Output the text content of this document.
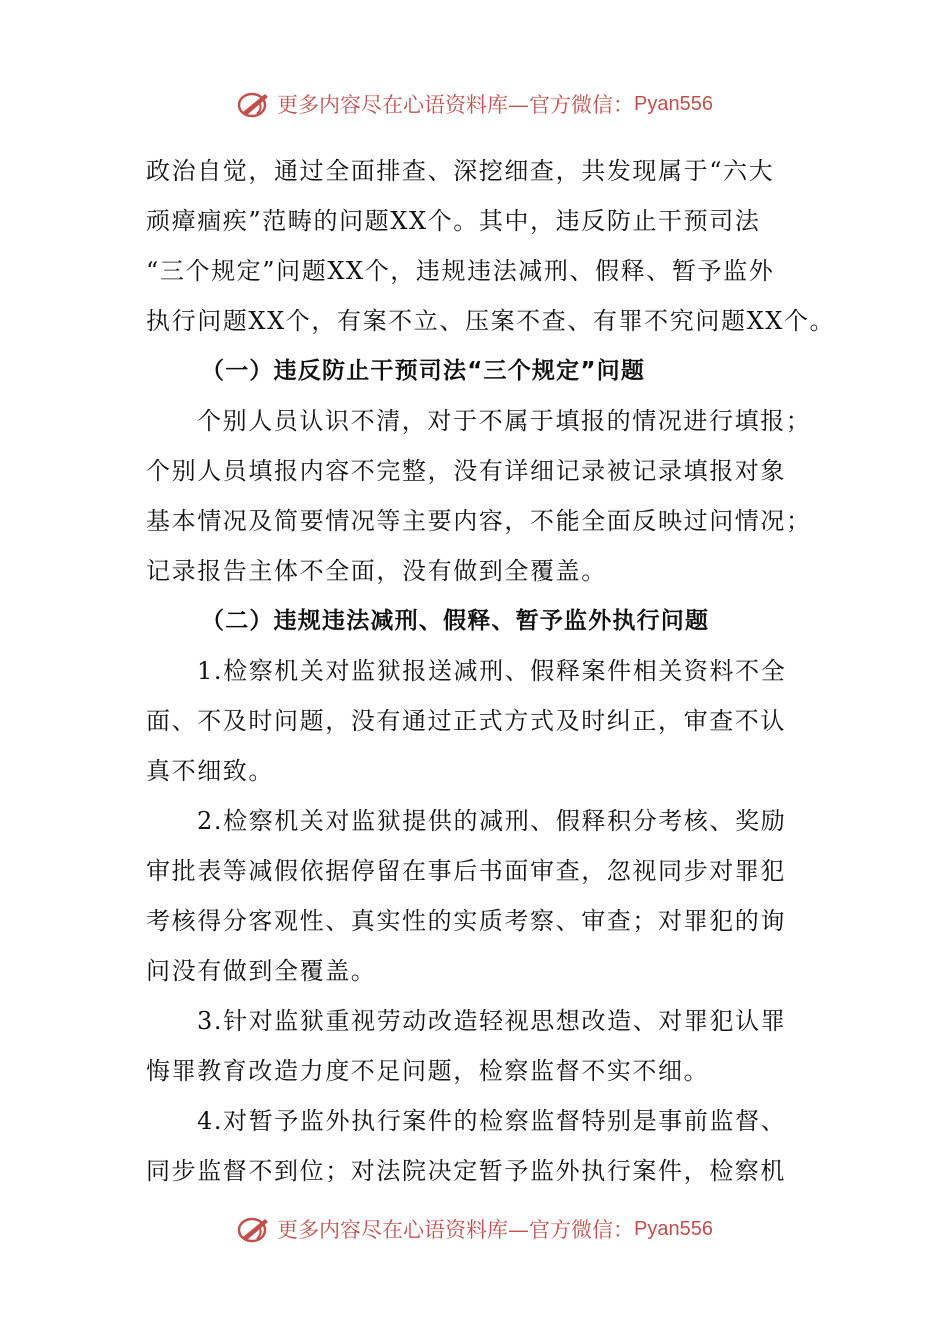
更多内容尽在心语资料库—官方微信： Pyan556
政治自觉，通过全面排查、深挖细查，共发现属于“六大
顽瘴痼疾”范畴的问题XX个。其中，违反防止干预司法
“三个规定”问题XX个，违规违法减刑、假释、暂予监外
执行问题XX个，有案不立、压案不查、有罪不究问题XX个。
（一）违反防止干预司法“三个规定”问题
个别人员认识不清，对于不属于填报的情况进行填报；
个别人员填报内容不完整，没有详细记录被记录填报对象
基本情况及简要情况等主要内容，不能全面反映过问情况；
记录报告主体不全面，没有做到全覆盖。
（二）违规违法减刑、假释、暂予监外执行问题
1.检察机关对监狱报送减刑、假释案件相关资料不全
面、不及时问题，没有通过正式方式及时纠正，审查不认
真不细致。
2.检察机关对监狱提供的减刑、假释积分考核、奖励
审批表等减假依据停留在事后书面审查，忽视同步对罪犯
考核得分客观性、真实性的实质考察、审查；对罪犯的询
问没有做到全覆盖。
3.针对监狱重视劳动改造轻视思想改造、对罪犯认罪
悔罪教育改造力度不足问题，检察监督不实不细。
4.对暂予监外执行案件的检察监督特别是事前监督、
同步监督不到位；对法院决定暂予监外执行案件，检察机
更多内容尽在心语资料库—官方微信： Pyan556
